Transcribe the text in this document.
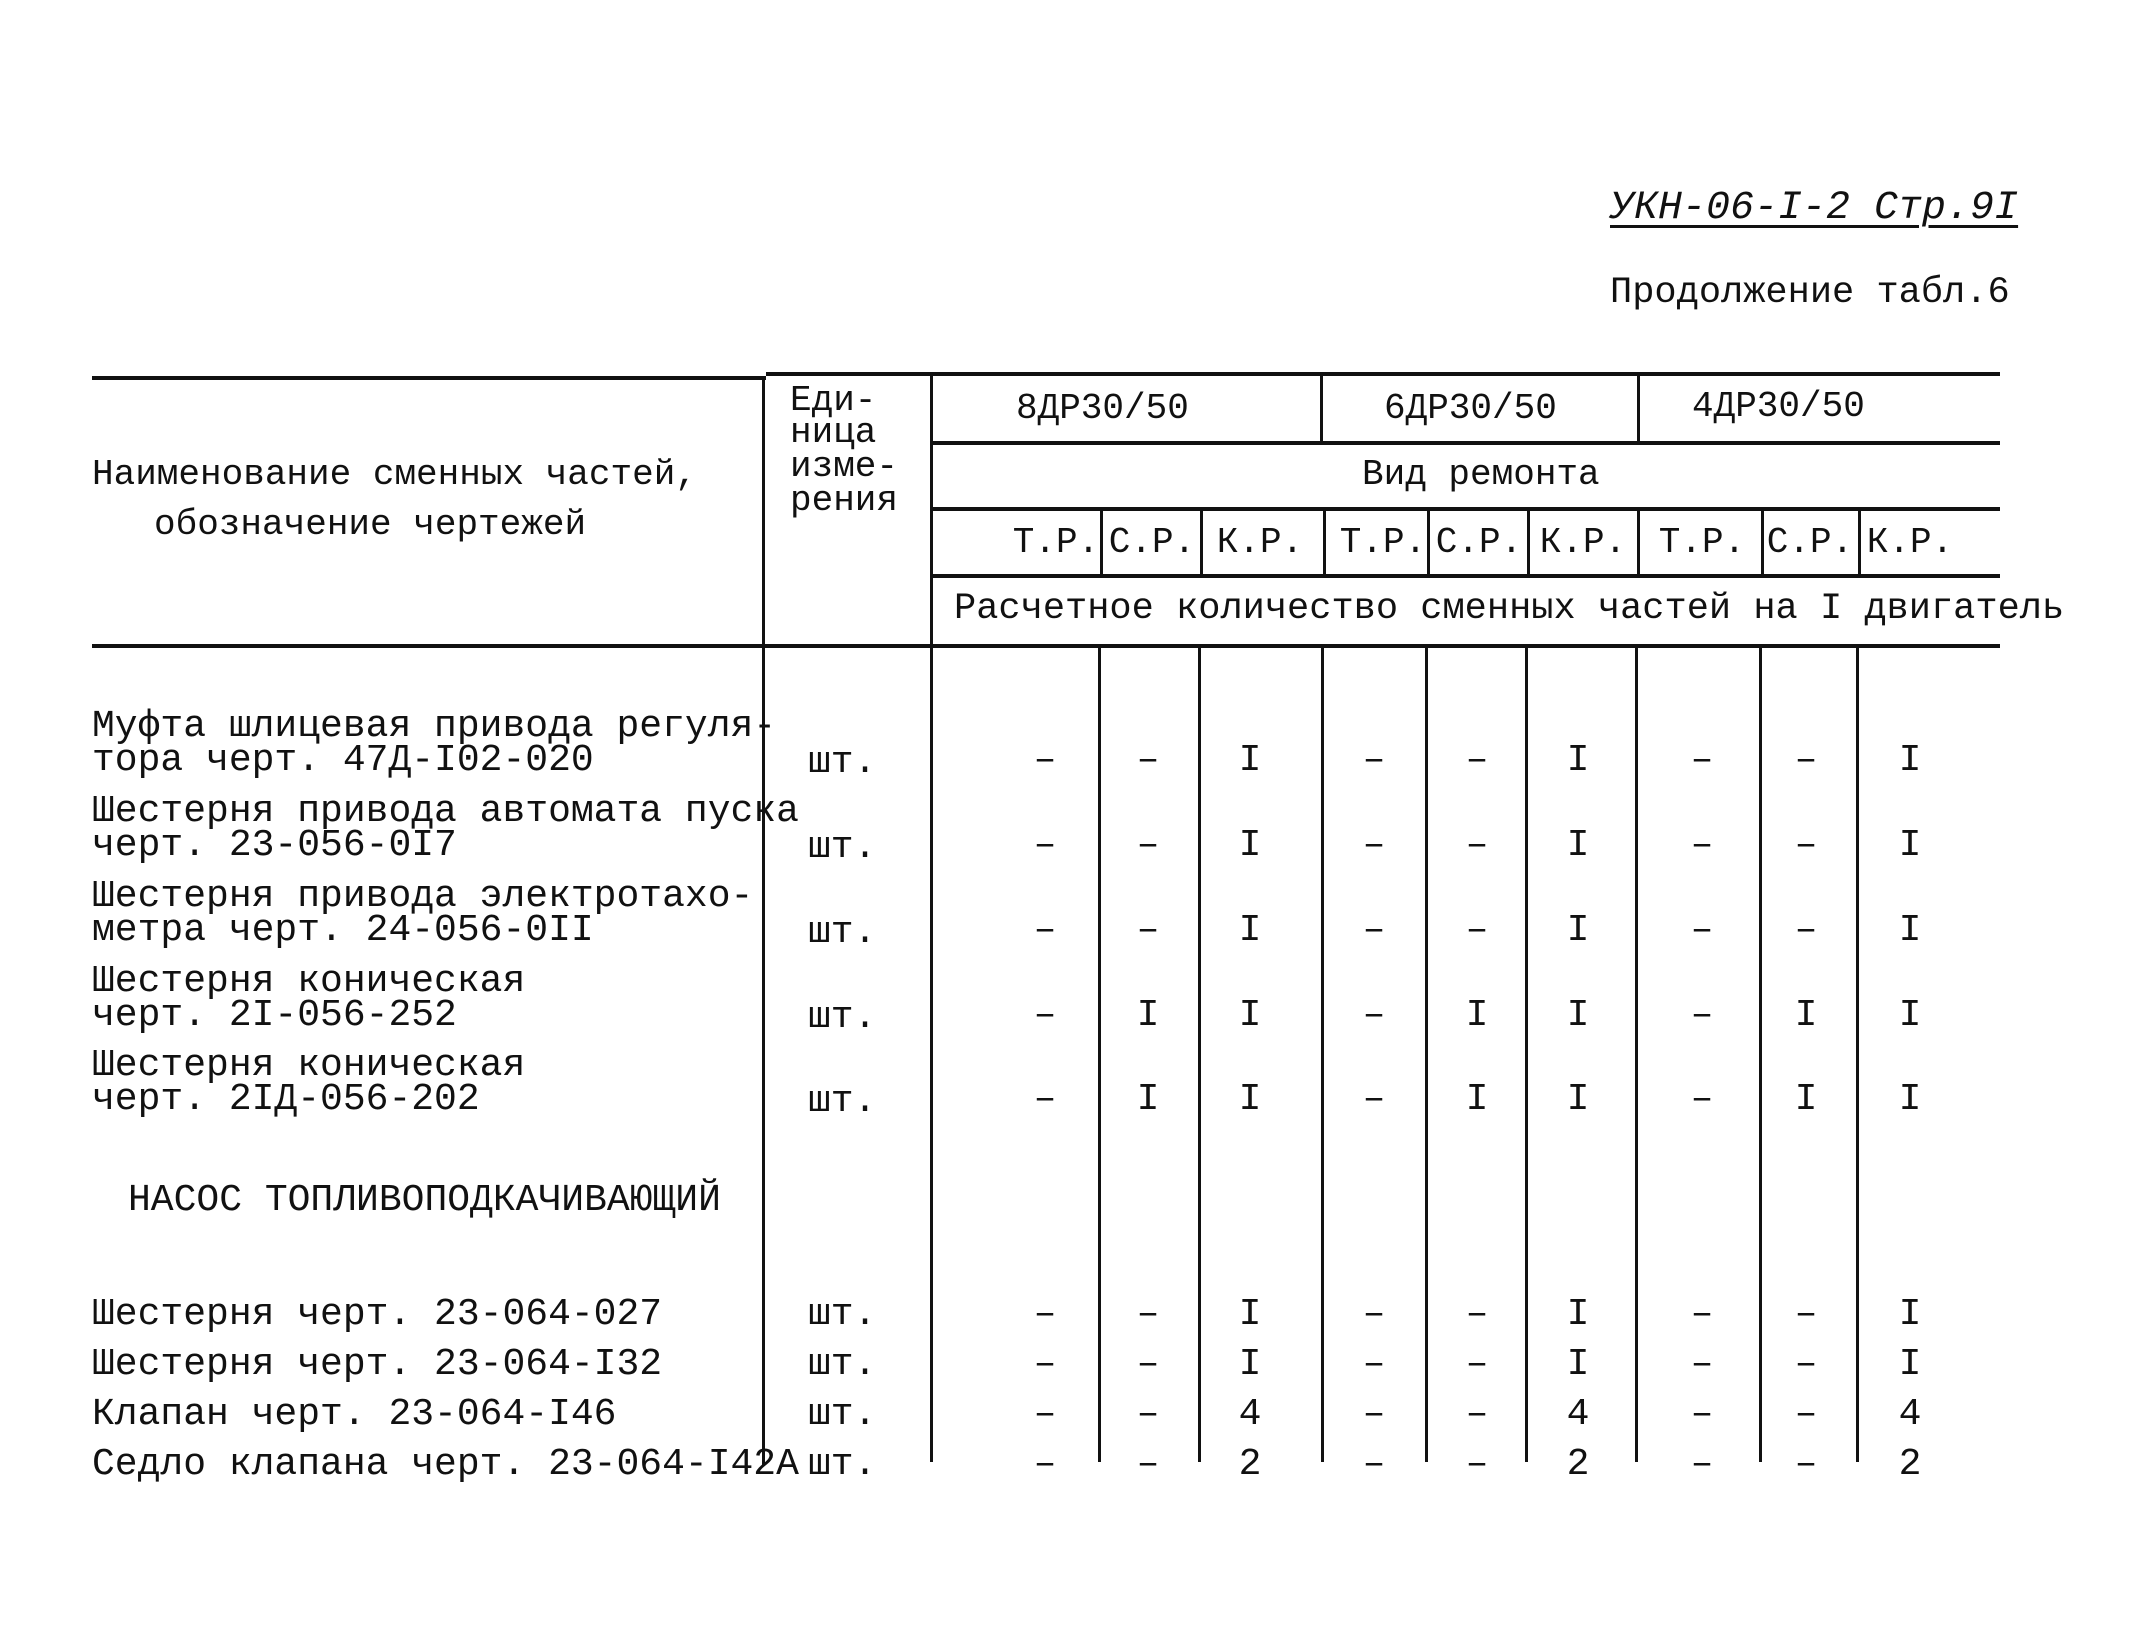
УКН-06-I-2 Стр.9I
Продолжение табл.6
Наименование сменных частей,
обозначение чертежей
Еди-
ница
изме-
рения
8ДР30/50	6ДР30/50	4ДР30/50
Вид ремонта
Т.Р. С.Р. К.Р. Т.Р. С.Р. К.Р. Т.Р. С.Р. К.Р.
Расчетное количество сменных частей на I двигатель
НАСОС ТОПЛИВОПОДКАЧИВАЮЩИЙ
Муфта шлицевая привода регуля-
тора черт. 47Д-I02-020	шт.	–	–	I	–	–	I	–	–	I
Шестерня привода автомата пуска
черт. 23-056-0I7	шт.	–	–	I	–	–	I	–	–	I
Шестерня привода электротахо-
метра черт. 24-056-0II	шт.	–	–	I	–	–	I	–	–	I
Шестерня коническая
черт. 2I-056-252	шт.	–	I	I	–	I	I	–	I	I
Шестерня коническая
черт. 2IД-056-202	шт.	–	I	I	–	I	I	–	I	I
Шестерня черт. 23-064-027	шт.	–	–	I	–	–	I	–	–	I
Шестерня черт. 23-064-I32	шт.	–	–	I	–	–	I	–	–	I
Клапан черт. 23-064-I46	шт.	–	–	4	–	–	4	–	–	4
Седло клапана черт. 23-064-I42А шт.	–	–	2	–	–	2	–	–	2
